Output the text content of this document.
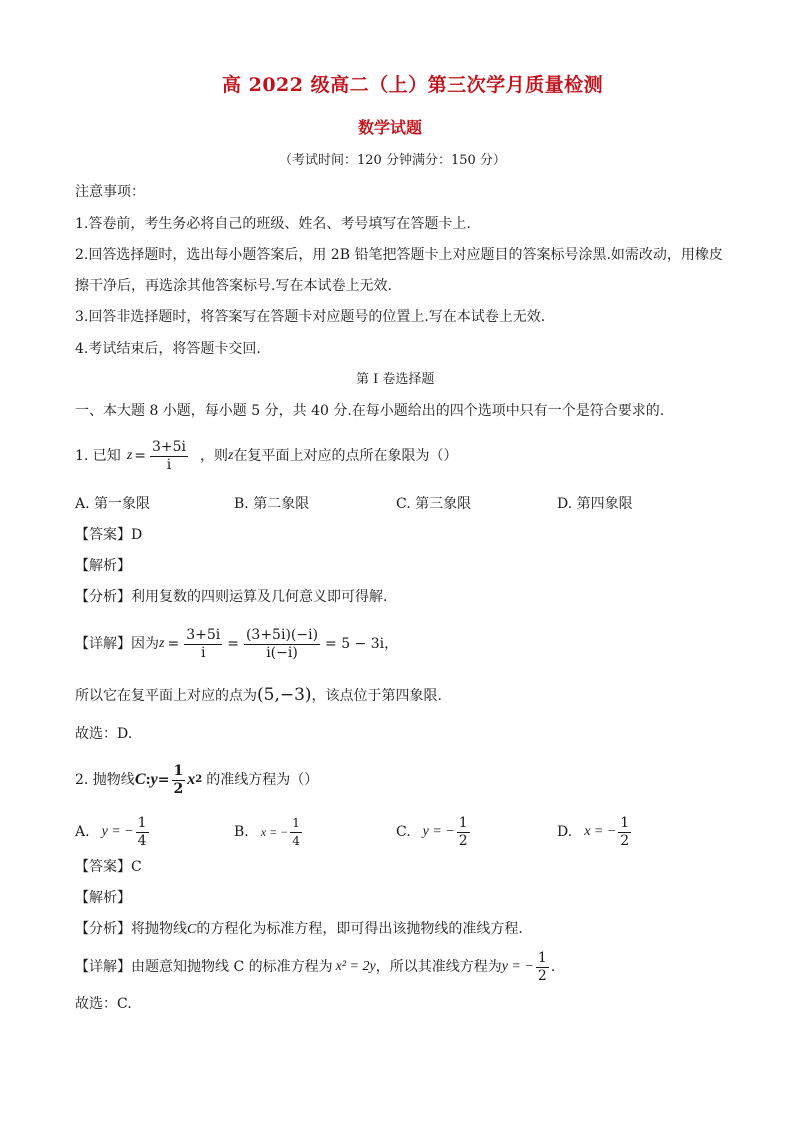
高 2022 级高二（上）第三次学月质量检测
数学试题
（考试时间：120 分钟满分：150 分）
注意事项：
1.答卷前，考生务必将自己的班级、姓名、考号填写在答题卡上.
2.回答选择题时，选出每小题答案后，用 2B 铅笔把答题卡上对应题目的答案标号涂黑.如需改动，用橡皮
擦干净后，再选涂其他答案标号.写在本试卷上无效.
3.回答非选择题时，将答案写在答题卡对应题号的位置上.写在本试卷上无效.
4.考试结束后，将答题卡交回.
第 I 卷选择题
一、本大题 8 小题，每小题 5 分，共 40 分.在每小题给出的四个选项中只有一个是符合要求的.
1. 已知 $z = \frac{3+5i}{i}$ ，则 z 在复平面上对应的点所在象限为（）
A. 第一象限	B. 第二象限	C. 第三象限	D. 第四象限
【答案】D
【解析】
【分析】利用复数的四则运算及几何意义即可得解.
【详解】 因为 $z = \frac{3+5i}{i} = \frac{(3+5i)(-i)}{i(-i)} = 5 - 3i$ ，
所以它在复平面上对应的点为(5,−3)，该点位于第四象限.
故选：D.
2. 抛物线 C : $y = \frac{1}{2}$ x 2 的准线方程为（）
A. y = − $\frac{1}{4}$	B. x = − $\frac{1}{4}$	C. y = − $\frac{1}{2}$	D. x = − $\frac{1}{2}$
【答案】C
【解析】
【分析】将抛物线C的方程化为标准方程，即可得出该抛物线的准线方程.
【详解】 由题意知抛物线 C 的标准方程为 x² = 2y ，所以其准线方程为 y = − $\frac{1}{2}$ .
故选：C.
